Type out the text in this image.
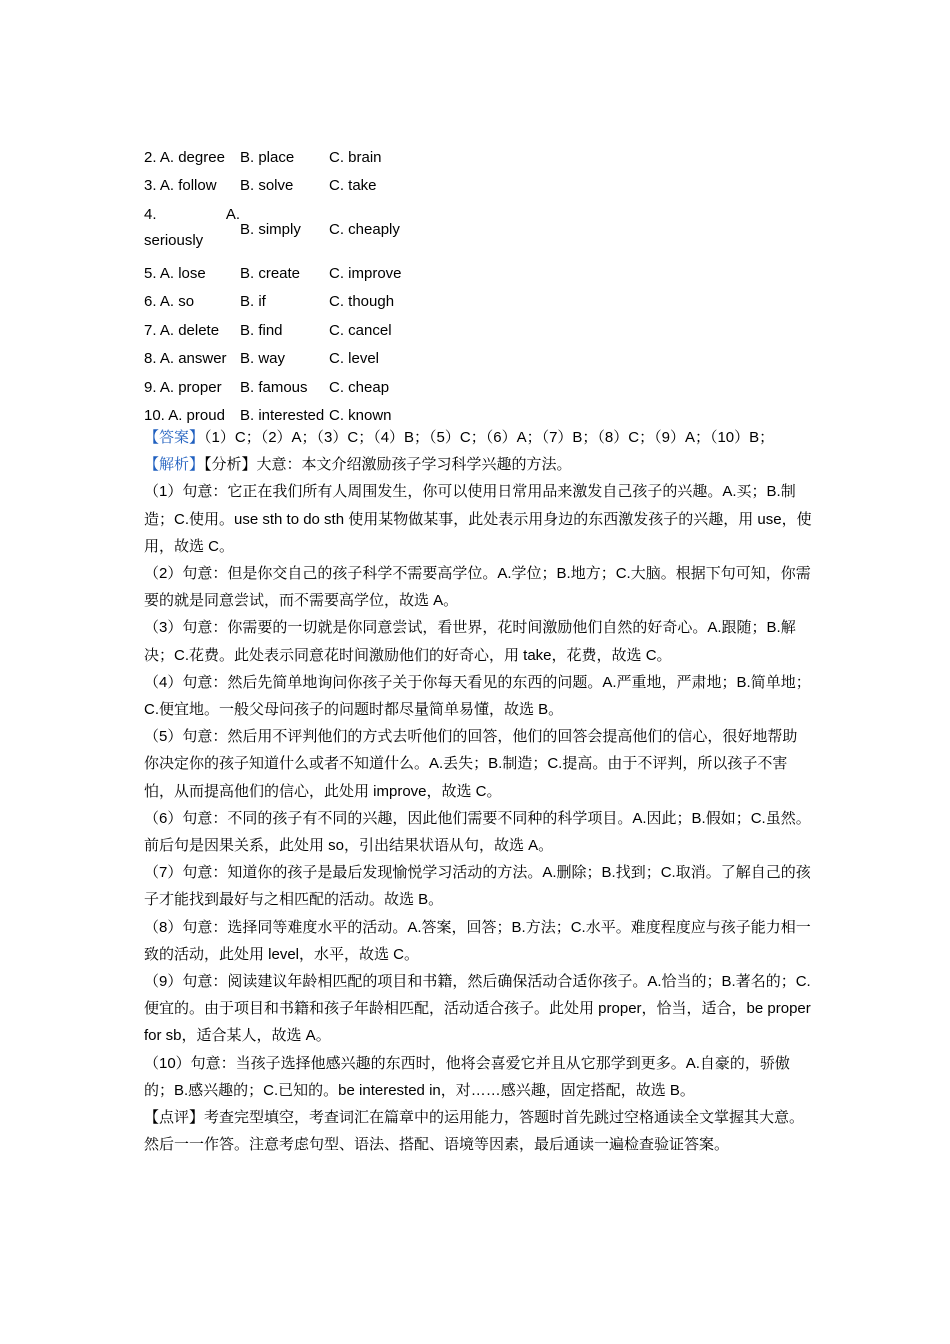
2. A. degree	B. place	C. brain
3. A. follow	B. solve	C. take

4. A.
seriously	B. simply	C. cheaply
5. A. lose	B. create	C. improve
6. A. so	B. if	C. though
7. A. delete	B. find	C. cancel
8. A. answer	B. way	C. level
9. A. proper	B. famous	C. cheap
10. A. proud	B. interested	C. known

【答案】（1）C；（2）A；（3）C；（4）B；（5）C；（6）A；（7）B；（8）C；（9）A；（10）B；

【解析】【分析】大意：本文介绍激励孩子学习科学兴趣的方法。

（1）句意：它正在我们所有人周围发生，你可以使用日常用品来激发自己孩子的兴趣。A.买；B.制造；C.使用。use sth to do sth 使用某物做某事，此处表示用身边的东西激发孩子的兴趣，用 use，使用，故选 C。

（2）句意：但是你交自己的孩子科学不需要高学位。A.学位；B.地方；C.大脑。根据下句可知，你需要的就是同意尝试，而不需要高学位，故选 A。

（3）句意：你需要的一切就是你同意尝试，看世界，花时间激励他们自然的好奇心。A.跟随；B.解决；C.花费。此处表示同意花时间激励他们的好奇心，用 take，花费，故选 C。

（4）句意：然后先简单地询问你孩子关于你每天看见的东西的问题。A.严重地，严肃地；B.简单地；C.便宜地。一般父母问孩子的问题时都尽量简单易懂，故选 B。

（5）句意：然后用不评判他们的方式去听他们的回答，他们的回答会提高他们的信心，很好地帮助你决定你的孩子知道什么或者不知道什么。A.丢失；B.制造；C.提高。由于不评判，所以孩子不害怕，从而提高他们的信心，此处用 improve，故选 C。

（6）句意：不同的孩子有不同的兴趣，因此他们需要不同种的科学项目。A.因此；B.假如；C.虽然。前后句是因果关系，此处用 so，引出结果状语从句，故选 A。

（7）句意：知道你的孩子是最后发现愉悦学习活动的方法。A.删除；B.找到；C.取消。了解自己的孩子才能找到最好与之相匹配的活动。故选 B。

（8）句意：选择同等难度水平的活动。A.答案，回答；B.方法；C.水平。难度程度应与孩子能力相一致的活动，此处用 level，水平，故选 C。

（9）句意：阅读建议年龄相匹配的项目和书籍，然后确保活动合适你孩子。A.恰当的；B.著名的；C.便宜的。由于项目和书籍和孩子年龄相匹配，活动适合孩子。此处用 proper，恰当，适合，be proper for sb，适合某人，故选 A。

（10）句意：当孩子选择他感兴趣的东西时，他将会喜爱它并且从它那学到更多。A.自豪的，骄傲的；B.感兴趣的；C.已知的。be interested in，对……感兴趣，固定搭配，故选 B。

【点评】考查完型填空，考查词汇在篇章中的运用能力，答题时首先跳过空格通读全文掌握其大意。然后一一作答。注意考虑句型、语法、搭配、语境等因素，最后通读一遍检查验证答案。
